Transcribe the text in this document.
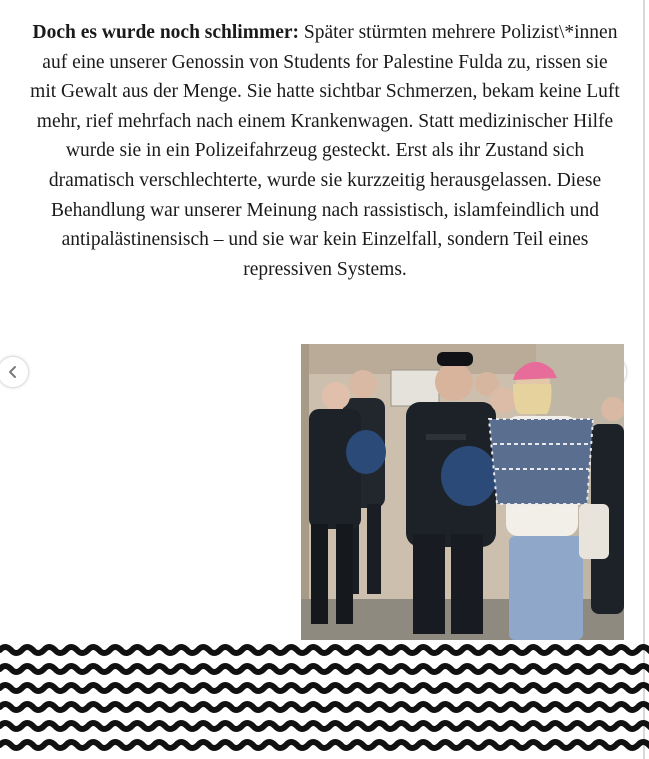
Doch es wurde noch schlimmer: Später stürmten mehrere Polizist\*innen auf eine unserer Genossin von Students for Palestine Fulda zu, rissen sie mit Gewalt aus der Menge. Sie hatte sichtbar Schmerzen, bekam keine Luft mehr, rief mehrfach nach einem Krankenwagen. Statt medizinischer Hilfe wurde sie in ein Polizeifahrzeug gesteckt. Erst als ihr Zustand sich dramatisch verschlechterte, wurde sie kurzzeitig herausgelassen. Diese Behandlung war unserer Meinung nach rassistisch, islamfeindlich und antipalästinensisch – und sie war kein Einzelfall, sondern Teil eines repressiven Systems.
